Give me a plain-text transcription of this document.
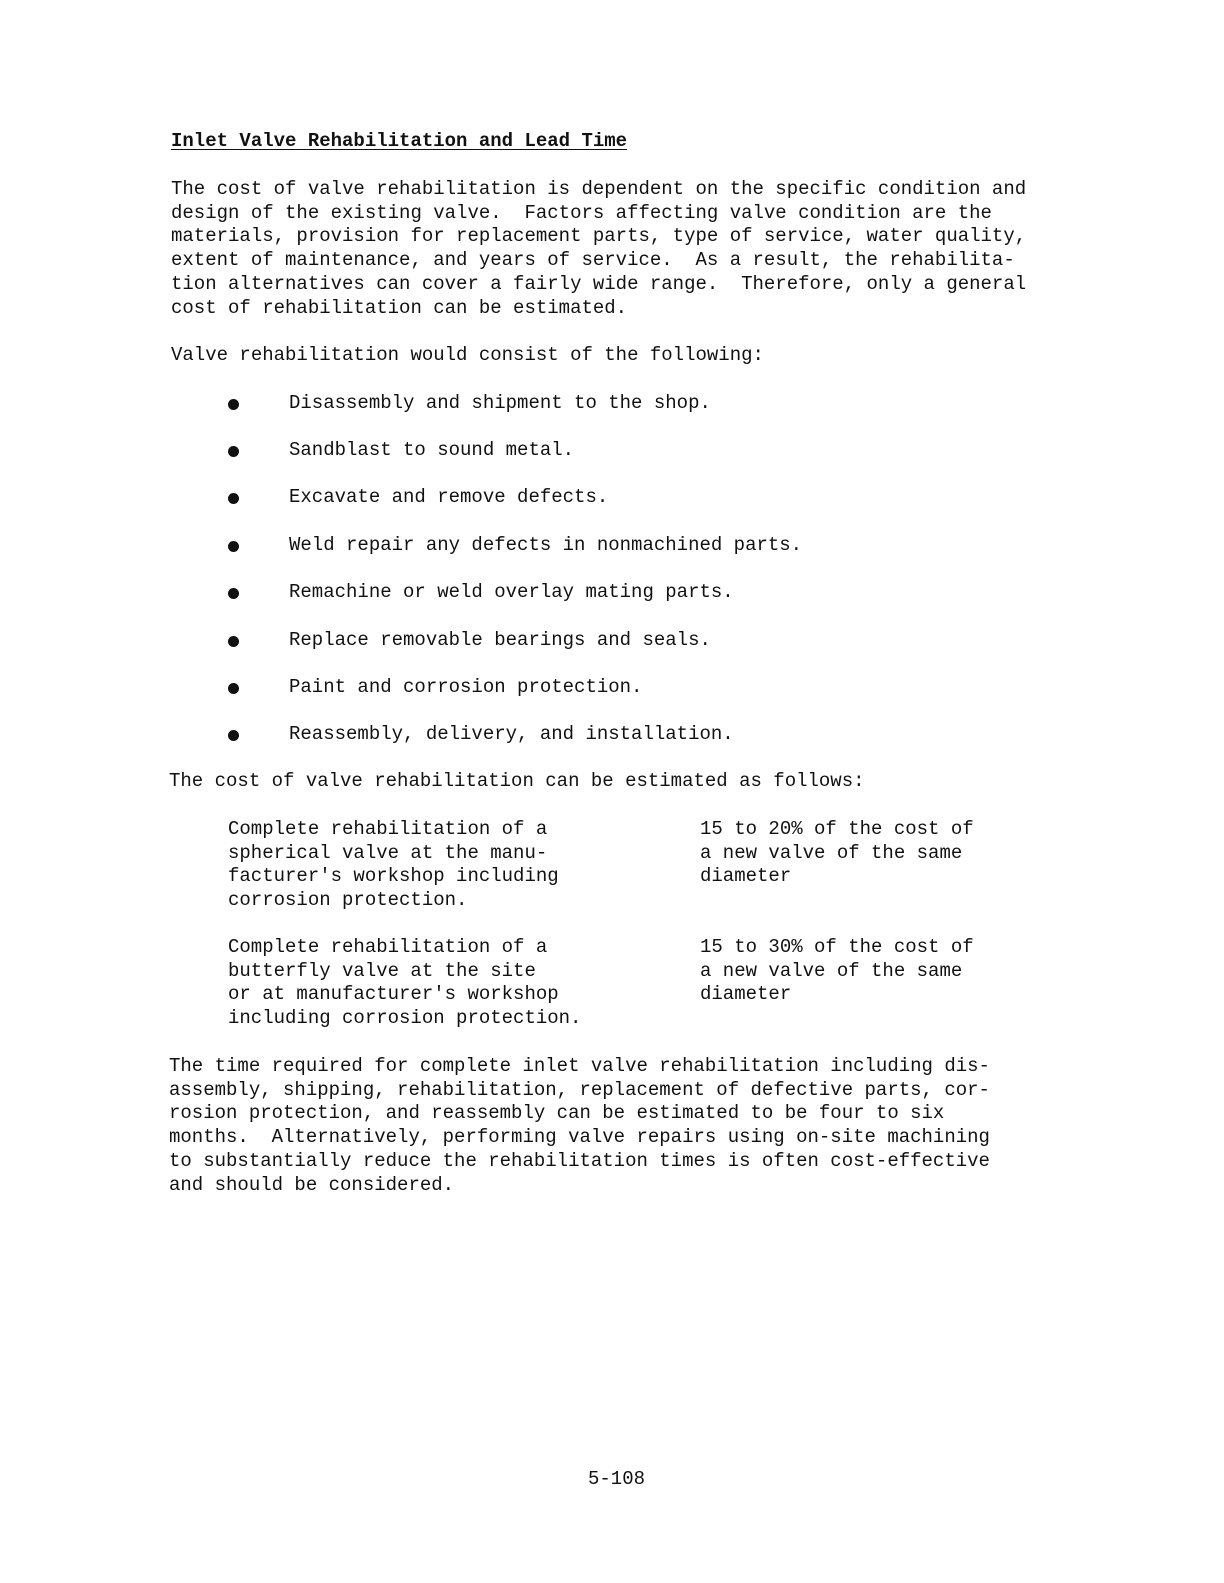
Inlet Valve Rehabilitation and Lead Time

The cost of valve rehabilitation is dependent on the specific condition and
design of the existing valve.  Factors affecting valve condition are the
materials, provision for replacement parts, type of service, water quality,
extent of maintenance, and years of service.  As a result, the rehabilita-
tion alternatives can cover a fairly wide range.  Therefore, only a general
cost of rehabilitation can be estimated.

Valve rehabilitation would consist of the following:

Disassembly and shipment to the shop.

Sandblast to sound metal.

Excavate and remove defects.

Weld repair any defects in nonmachined parts.

Remachine or weld overlay mating parts.

Replace removable bearings and seals.

Paint and corrosion protection.

Reassembly, delivery, and installation.

The cost of valve rehabilitation can be estimated as follows:

Complete rehabilitation of a
spherical valve at the manu-
facturer's workshop including
corrosion protection.
15 to 20% of the cost of
a new valve of the same
diameter
Complete rehabilitation of a
butterfly valve at the site
or at manufacturer's workshop
including corrosion protection.
15 to 30% of the cost of
a new valve of the same
diameter

The time required for complete inlet valve rehabilitation including dis-
assembly, shipping, rehabilitation, replacement of defective parts, cor-
rosion protection, and reassembly can be estimated to be four to six
months.  Alternatively, performing valve repairs using on-site machining
to substantially reduce the rehabilitation times is often cost-effective
and should be considered.

5-108
